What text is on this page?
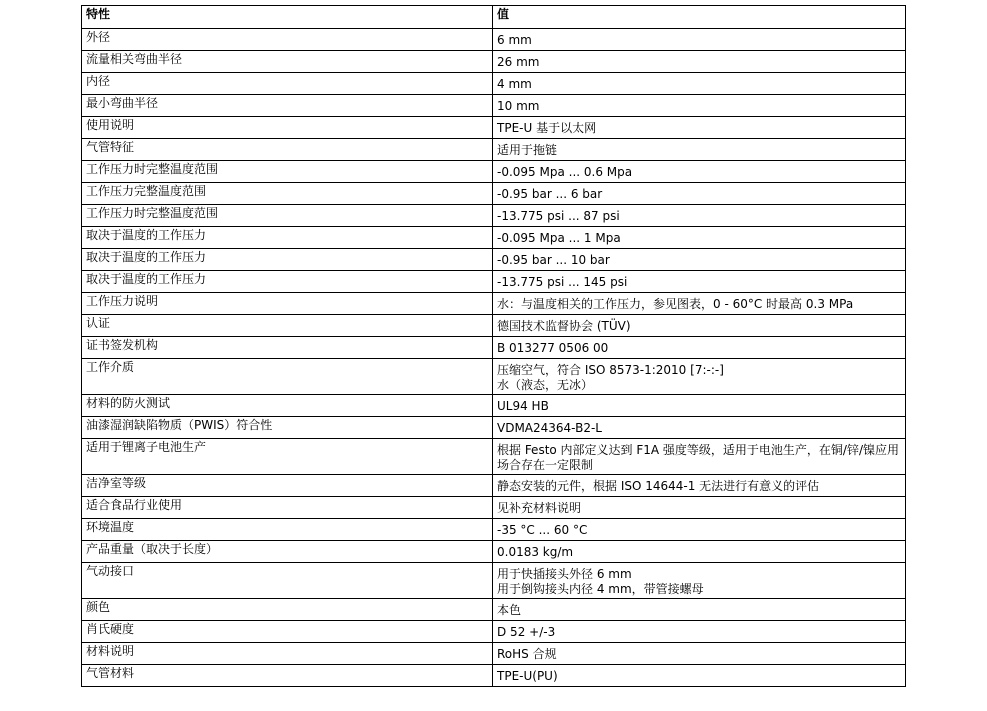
特性	值
外径	6 mm

流量相关弯曲半径	26 mm

内径	4 mm

最小弯曲半径	10 mm

使用说明	TPE-U 基于以太网

气管特征	适用于拖链

工作压力时完整温度范围	-0.095 Mpa ... 0.6 Mpa

工作压力完整温度范围	-0.95 bar ... 6 bar

工作压力时完整温度范围	-13.775 psi ... 87 psi

取决于温度的工作压力	-0.095 Mpa ... 1 Mpa

取决于温度的工作压力	-0.95 bar ... 10 bar

取决于温度的工作压力	-13.775 psi ... 145 psi

工作压力说明	水：与温度相关的工作压力，参见图表，0 - 60°C 时最高 0.3 MPa

认证	德国技术监督协会 (TÜV)

证书签发机构	B 013277 0506 00

工作介质	压缩空气，符合 ISO 8573-1:2010 [7:-:-]
水（液态，无冰）

材料的防火测试	UL94 HB

油漆湿润缺陷物质（PWIS）符合性	VDMA24364-B2-L

适用于锂离子电池生产	根据 Festo 内部定义达到 F1A 强度等级，适用于电池生产，在铜/锌/镍应用场合存在一定限制

洁净室等级	静态安装的元件，根据 ISO 14644-1 无法进行有意义的评估

适合食品行业使用	见补充材料说明

环境温度	-35 °C ... 60 °C

产品重量（取决于长度）	0.0183 kg/m

气动接口	用于快插接头外径 6 mm
用于倒钩接头内径 4 mm，带管接螺母

颜色	本色

肖氏硬度	D 52 +/-3

材料说明	RoHS 合规

气管材料	TPE-U(PU)
